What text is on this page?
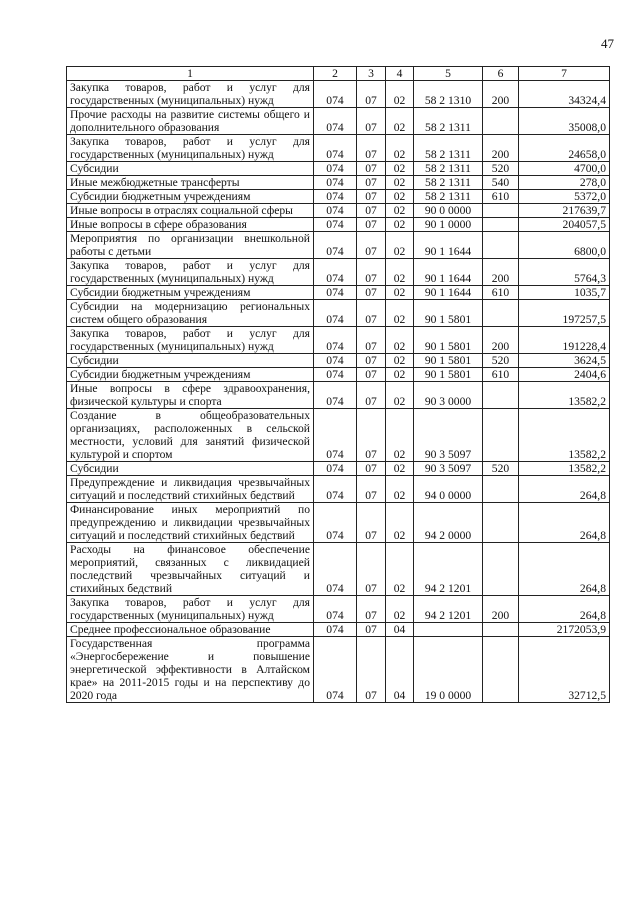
47
1	2	3	4	5	6	7
Закупка товаров, работ и услуг для государственных (муниципальных) нужд	074	07	02	58 2 1310	200	34324,4
Прочие расходы на развитие системы общего и дополнительного образования	074	07	02	58 2 1311		35008,0
Закупка товаров, работ и услуг для государственных (муниципальных) нужд	074	07	02	58 2 1311	200	24658,0
Субсидии	074	07	02	58 2 1311	520	4700,0
Иные межбюджетные трансферты	074	07	02	58 2 1311	540	278,0
Субсидии бюджетным учреждениям	074	07	02	58 2 1311	610	5372,0
Иные вопросы в отраслях социальной сферы	074	07	02	90 0 0000		217639,7
Иные вопросы в сфере образования	074	07	02	90 1 0000		204057,5
Мероприятия по организации внешкольной работы с детьми	074	07	02	90 1 1644		6800,0
Закупка товаров, работ и услуг для государственных (муниципальных) нужд	074	07	02	90 1 1644	200	5764,3
Субсидии бюджетным учреждениям	074	07	02	90 1 1644	610	1035,7
Субсидии на модернизацию региональных систем общего образования	074	07	02	90 1 5801		197257,5
Закупка товаров, работ и услуг для государственных (муниципальных) нужд	074	07	02	90 1 5801	200	191228,4
Субсидии	074	07	02	90 1 5801	520	3624,5
Субсидии бюджетным учреждениям	074	07	02	90 1 5801	610	2404,6
Иные вопросы в сфере здравоохранения, физической культуры и спорта	074	07	02	90 3 0000		13582,2
Создание в общеобразовательных организациях, расположенных в сельской местности, условий для занятий физической культурой и спортом	074	07	02	90 3 5097		13582,2
Субсидии	074	07	02	90 3 5097	520	13582,2
Предупреждение и ликвидация чрезвычайных ситуаций и последствий стихийных бедствий	074	07	02	94 0 0000		264,8
Финансирование иных мероприятий по предупреждению и ликвидации чрезвычайных ситуаций и последствий стихийных бедствий	074	07	02	94 2 0000		264,8
Расходы на финансовое обеспечение мероприятий, связанных с ликвидацией последствий чрезвычайных ситуаций и стихийных бедствий	074	07	02	94 2 1201		264,8
Закупка товаров, работ и услуг для государственных (муниципальных) нужд	074	07	02	94 2 1201	200	264,8
Среднее профессиональное образование	074	07	04			2172053,9
Государственная программа «Энергосбережение и повышение энергетической эффективности в Алтайском крае» на 2011-2015 годы и на перспективу до 2020 года	074	07	04	19 0 0000		32712,5
